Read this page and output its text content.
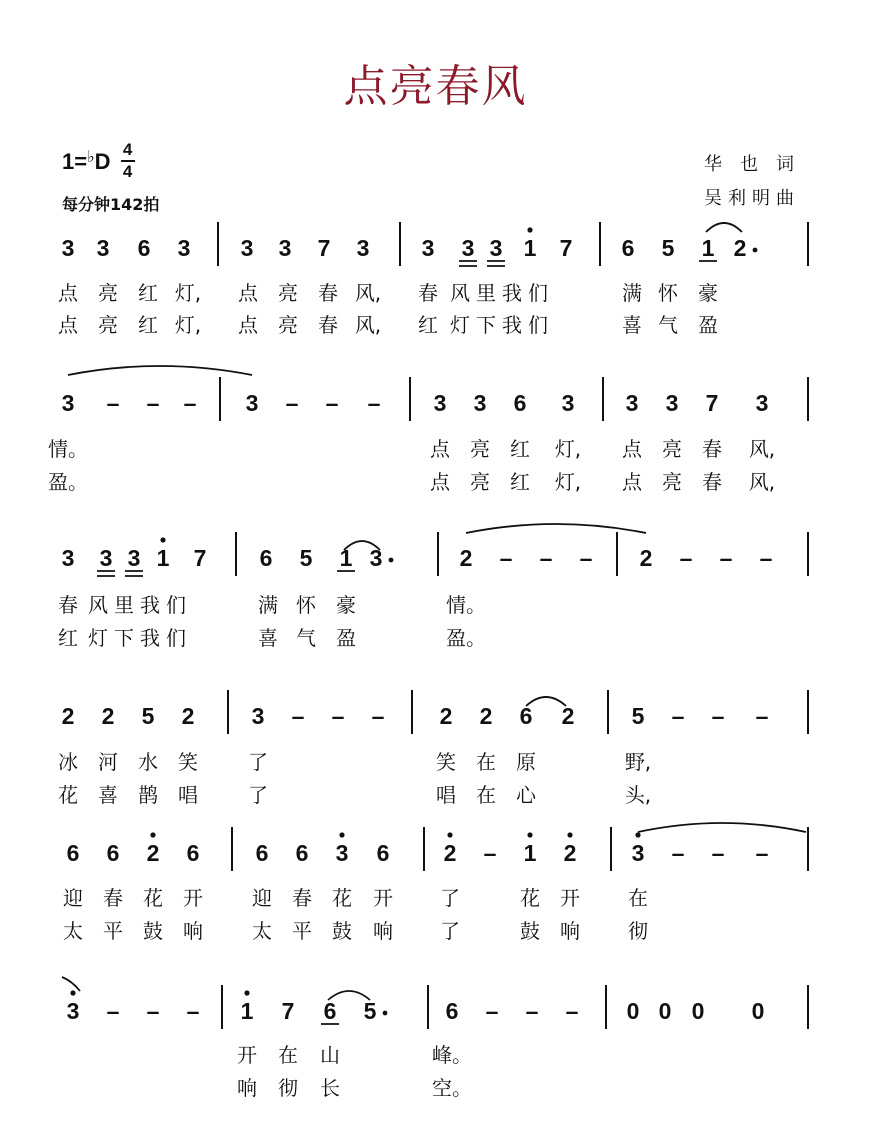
点亮春风
$1=^♭D \frac{4}{4}$
每分钟142拍
华也词
吴利明曲
3 3 6 3 3 3 7 3 3 3 3 1 7 6 5 1 2
点 亮 红 灯, 点 亮 春 风, 春 风里我们	满 怀 豪
点 亮 红 灯, 点 亮 春 风, 红 灯下我们	喜 气 盈
3 – – – 3 – – – 3 3 6 3 3 3 7 3
情。	点 亮 红 灯, 点 亮 春 风,
盈。	点 亮 红 灯, 点 亮 春 风,
3 3 3 1 7 6 5 1 3	2 – – – 2 – – –
春 风里我们	满 怀 豪	情。
红 灯下我们	喜 气 盈	盈。
2 2 5 2 3 – – – 2 2 6 2 5 – – –
冰 河 水 笑	了	笑 在 原	野,
花 喜 鹊 唱	了	唱 在 心	头,
6 6 2 6 6 6 3 6 2 – 1 2 3 – – –
迎 春 花 开 迎 春 花 开 了	花 开 在
太 平 鼓 响 太 平 鼓 响 了	鼓 响 彻
3 – – – 1 7 6 5	6 – – – 0 0 0 0
开 在 山	峰。
响 彻 长	空。
